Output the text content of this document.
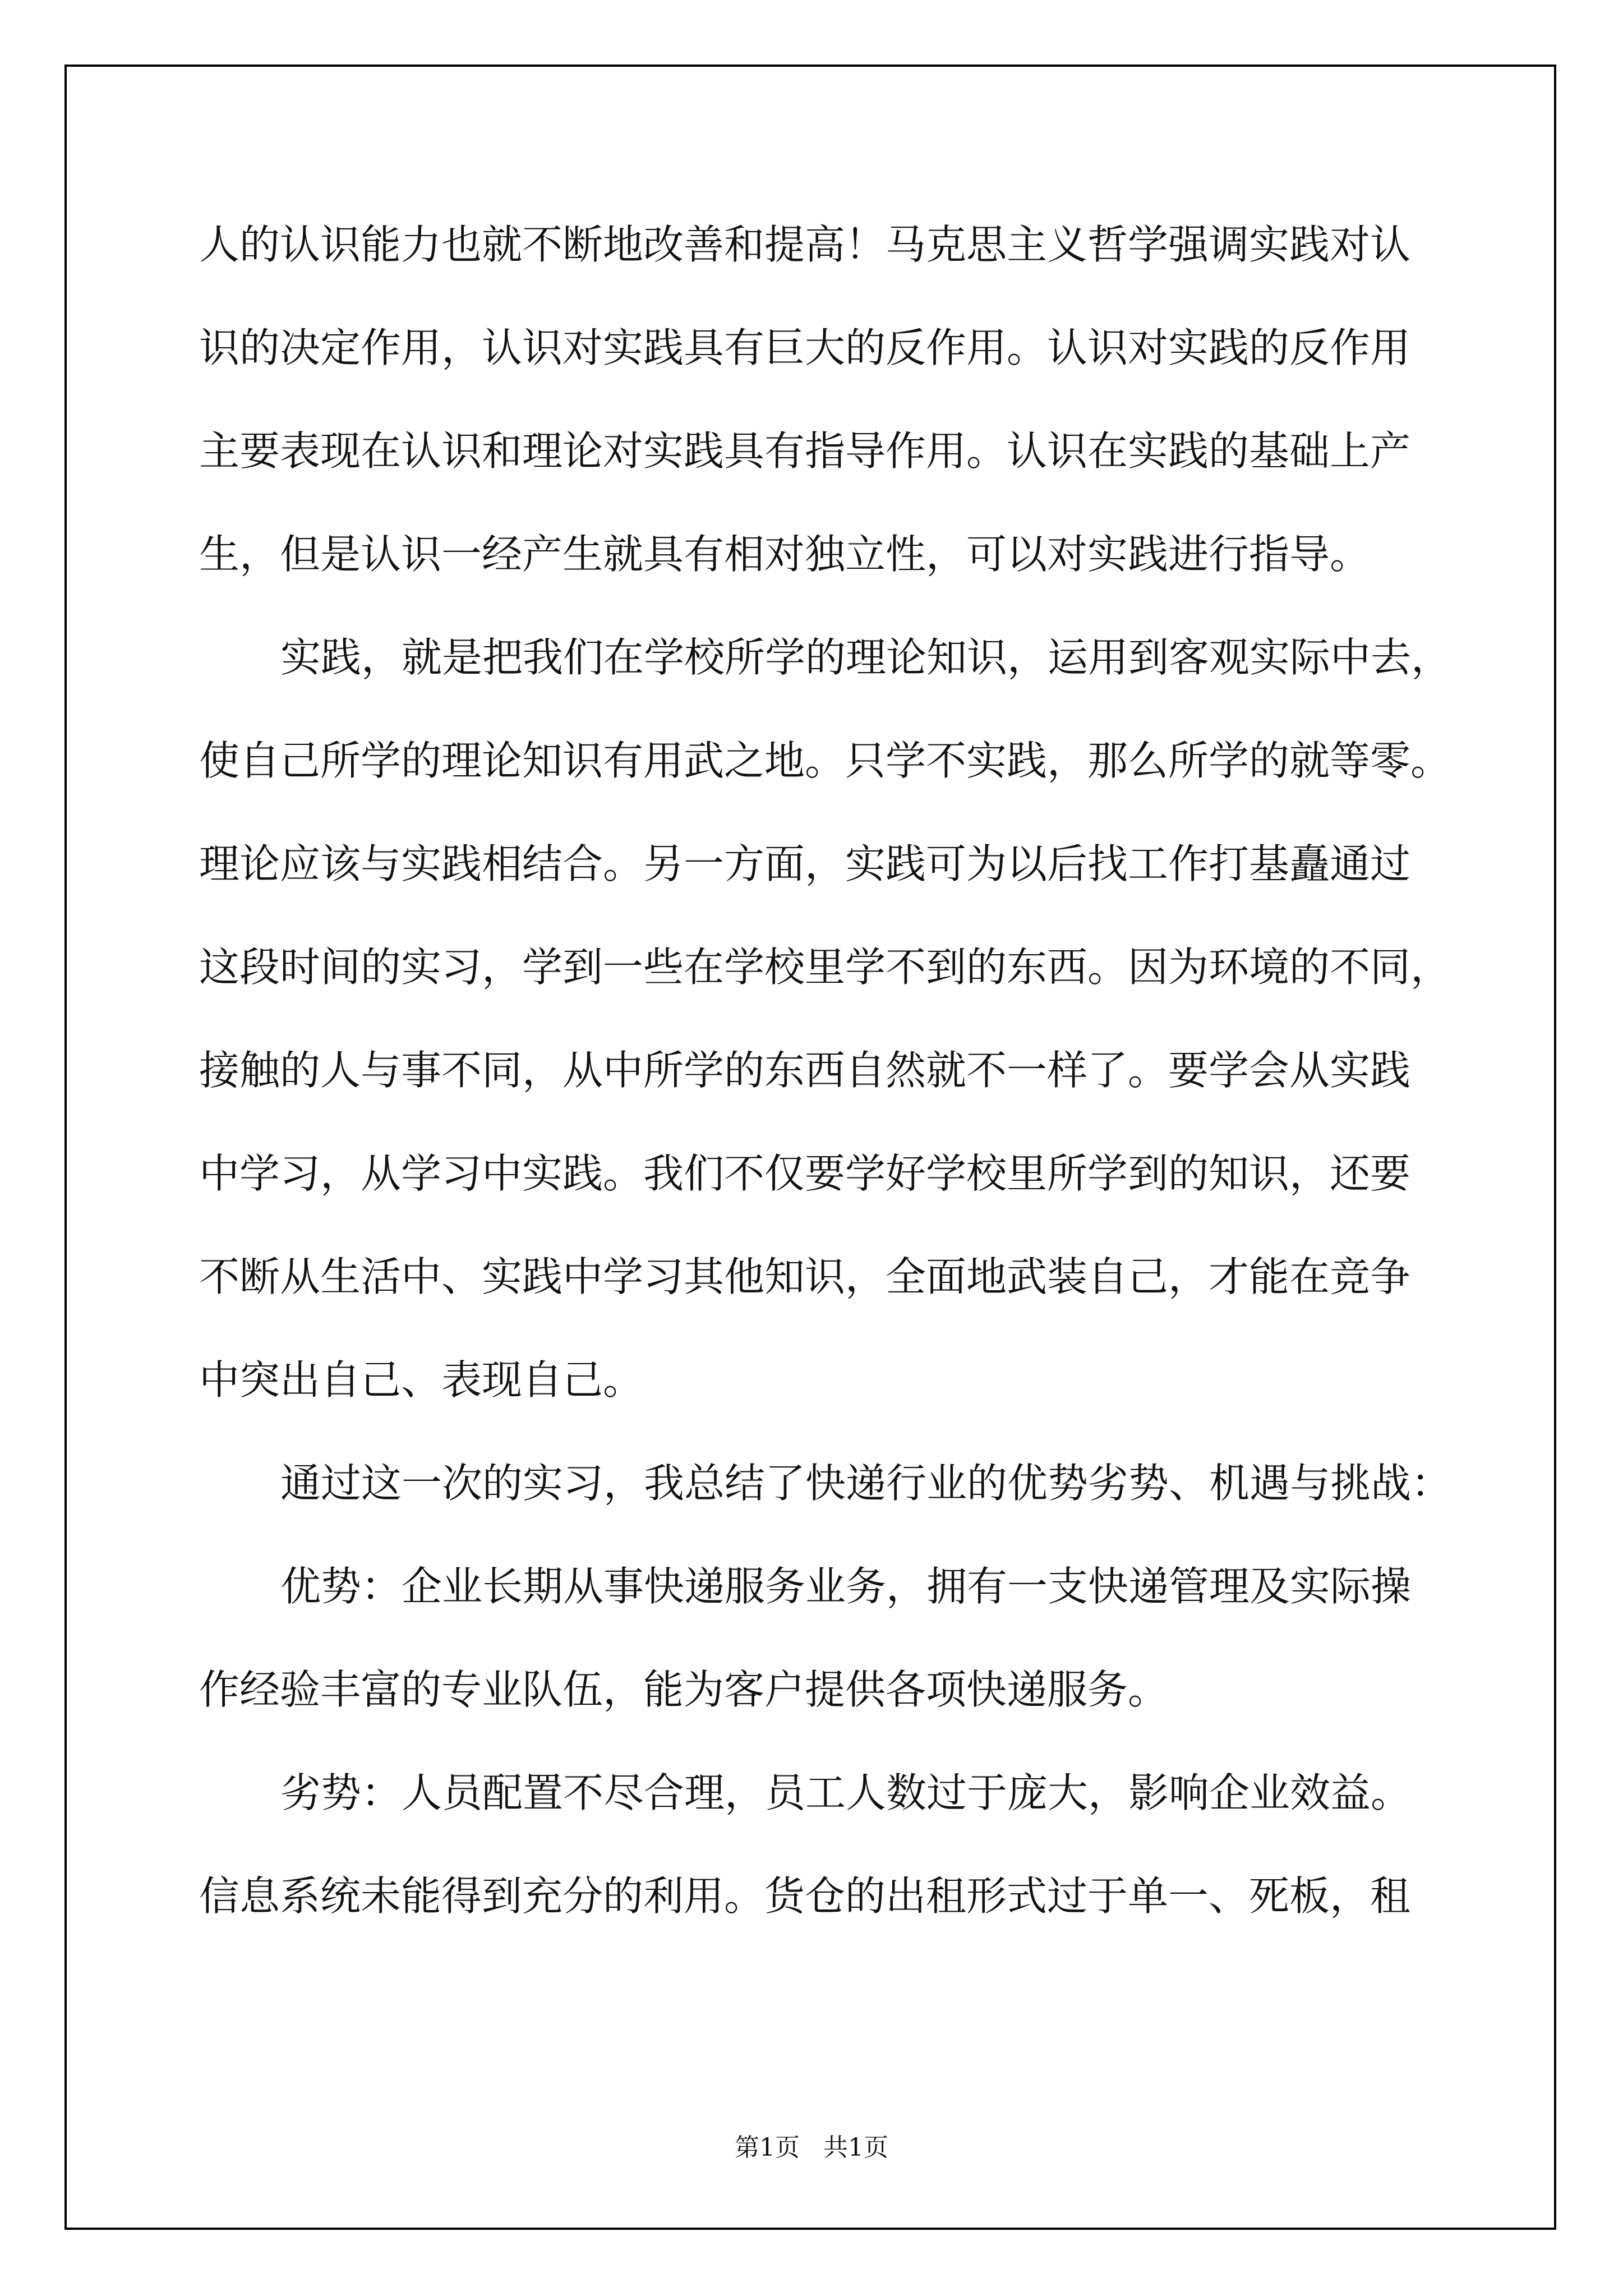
人的认识能力也就不断地改善和提高！马克思主义哲学强调实践对认
识的决定作用，认识对实践具有巨大的反作用。认识对实践的反作用
主要表现在认识和理论对实践具有指导作用。认识在实践的基础上产
生，但是认识一经产生就具有相对独立性，可以对实践进行指导。
实践，就是把我们在学校所学的理论知识，运用到客观实际中去，
使自己所学的理论知识有用武之地。只学不实践，那么所学的就等零。
理论应该与实践相结合。另一方面，实践可为以后找工作打基矗通过
这段时间的实习，学到一些在学校里学不到的东西。因为环境的不同，
接触的人与事不同，从中所学的东西自然就不一样了。要学会从实践
中学习，从学习中实践。我们不仅要学好学校里所学到的知识，还要
不断从生活中、实践中学习其他知识，全面地武装自己，才能在竞争
中突出自己、表现自己。
通过这一次的实习，我总结了快递行业的优势劣势、机遇与挑战：
优势：企业长期从事快递服务业务，拥有一支快递管理及实际操
作经验丰富的专业队伍，能为客户提供各项快递服务。
劣势：人员配置不尽合理，员工人数过于庞大，影响企业效益。
信息系统未能得到充分的利用。货仓的出租形式过于单一、死板，租
第1页   共1页
